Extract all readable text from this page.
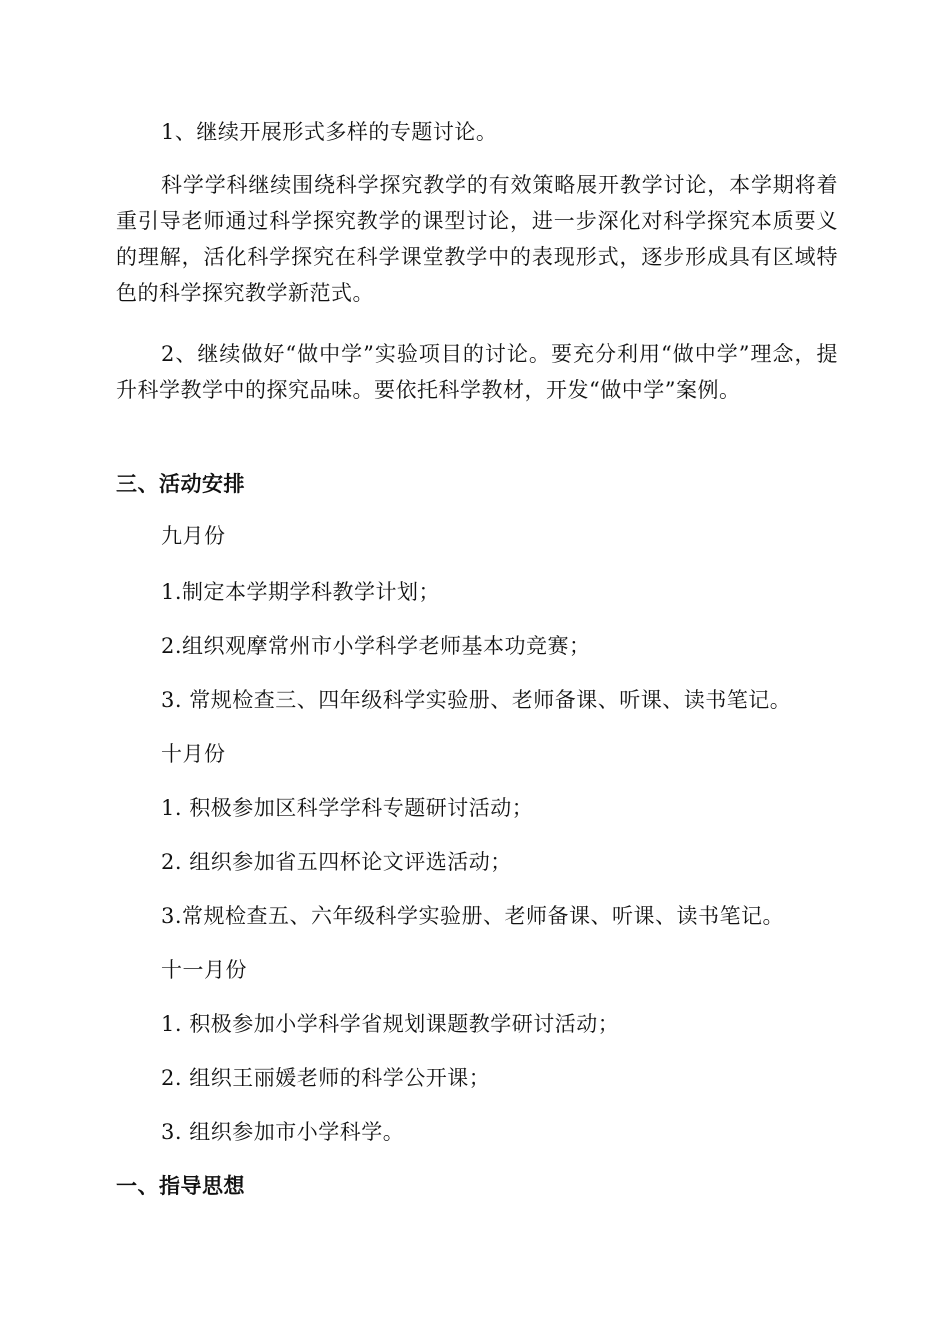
1、继续开展形式多样的专题讨论。
科学学科继续围绕科学探究教学的有效策略展开教学讨论，本学期将着重引导老师通过科学探究教学的课型讨论，进一步深化对科学探究本质要义的理解，活化科学探究在科学课堂教学中的表现形式，逐步形成具有区域特色的科学探究教学新范式。
2、继续做好“做中学”实验项目的讨论。要充分利用“做中学”理念，提升科学教学中的探究品味。要依托科学教材，开发“做中学”案例。
三、活动安排
九月份
1.制定本学期学科教学计划；
2.组织观摩常州市小学科学老师基本功竞赛；
3. 常规检查三、四年级科学实验册、老师备课、听课、读书笔记。
十月份
1. 积极参加区科学学科专题研讨活动；
2. 组织参加省五四杯论文评选活动；
3.常规检查五、六年级科学实验册、老师备课、听课、读书笔记。
十一月份
1. 积极参加小学科学省规划课题教学研讨活动；
2. 组织王丽媛老师的科学公开课；
3. 组织参加市小学科学。
一、指导思想
